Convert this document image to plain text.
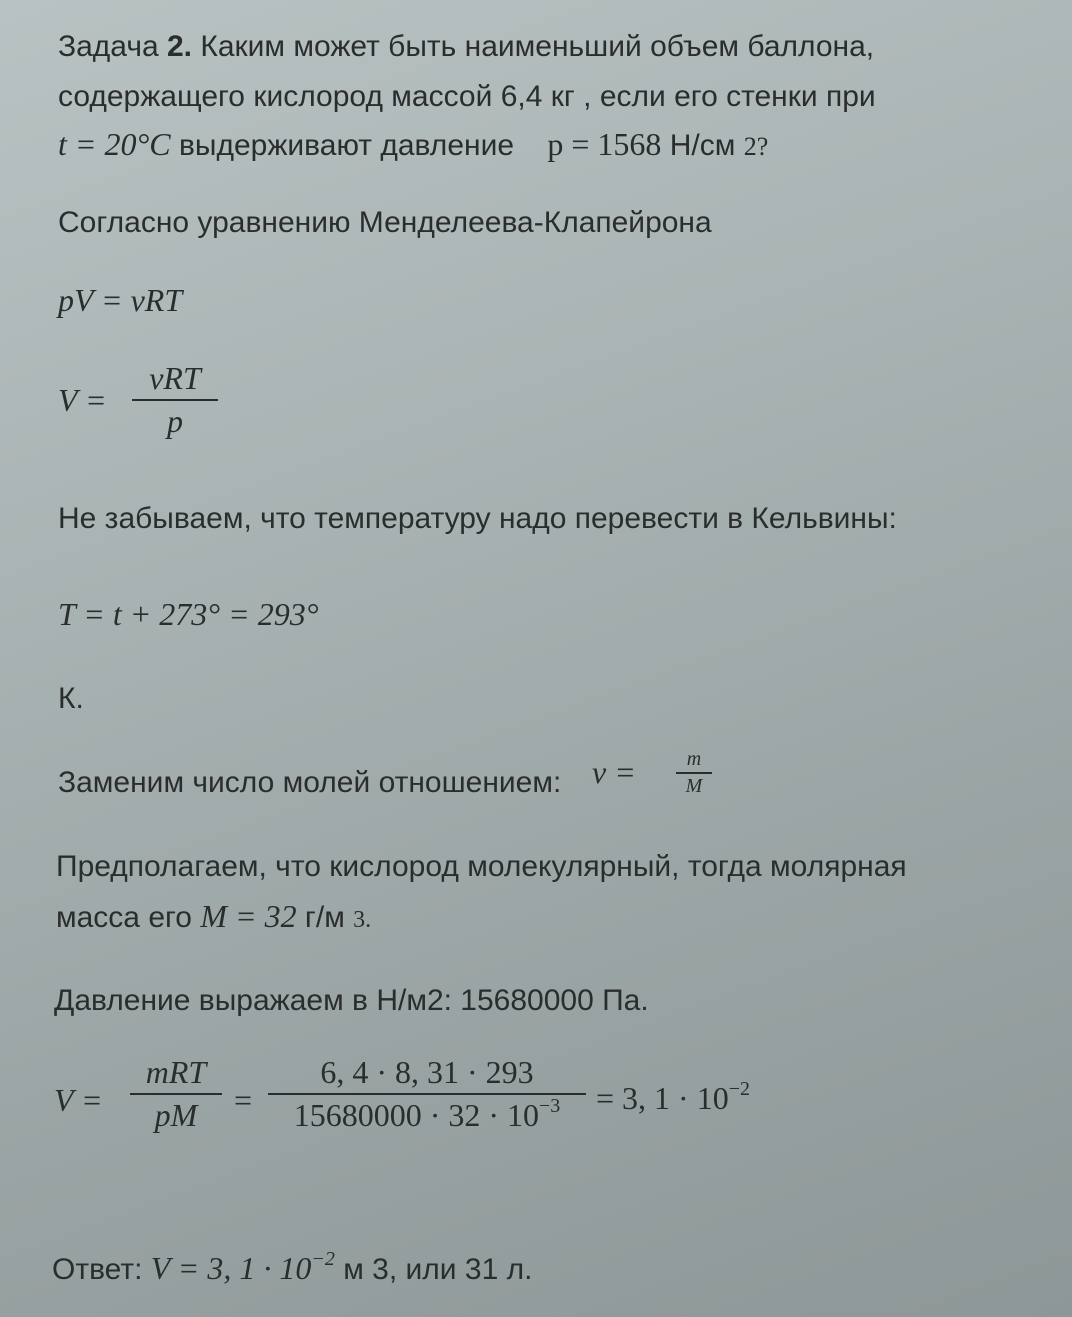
Задача 2. Каким может быть наименьший объем баллона,
содержащего кислород массой 6,4 кг , если его стенки при
t = 20°C выдерживают давление p = 1568 Н/см 2?
Согласно уравнению Менделеева-Клапейрона
pV = νRT
V =
νRT
p
Не забываем, что температуру надо перевести в Кельвины:
T = t + 273° = 293°
К.
Заменим число молей отношением: ν =	m
M
Предполагаем, что кислород молекулярный, тогда молярная
масса его M = 32 г/м 3.
Давление выражаем в Н/м2: 15680000 Па.
V =
mRT
pM	=
6, 4 · 8, 31 · 293
$15680000 \cdot 32 \cdot 10^{-3}$	= 3, $1 \cdot 10^{-2}$
Ответ: V = 3, $1 \cdot 10^{-2}$ м 3, или 31 л.
